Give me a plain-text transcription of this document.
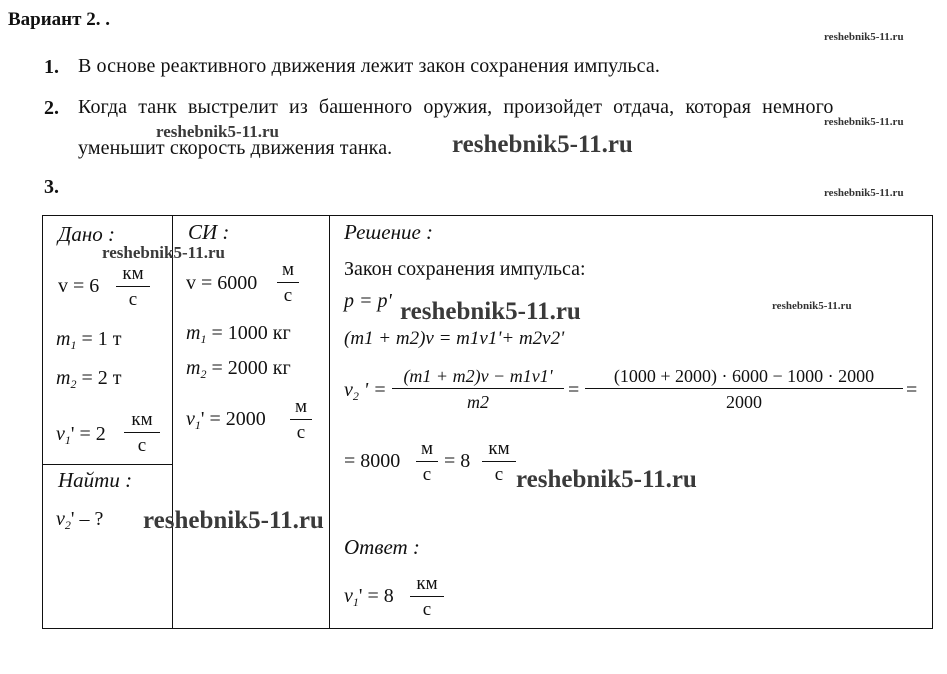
Вариант 2. .
reshebnik5-11.ru
1. В основе реактивного движения лежит закон сохранения импульса.
2. Когда танк выстрелит из башенного оружия, произойдет отдача, которая немного
reshebnik5-11.ru
reshebnik5-11.ru
уменьшит скорость движения танка. reshebnik5-11.ru
3.	reshebnik5-11.ru
Дано :
reshebnik5-11.ru
v = 6
км
с
$m_1 = 1$ т
$m_2 = 2$ т
$v_1' = 2$
км
с
Найти :
$v_2'$ – ? reshebnik5-11.ru
СИ :
v = 6000
м
с
$m_1 = 1000$ кг
$m_2 = 2000$ кг
$v_1' = 2000$
м
с
Решение :
Закон сохранения импульса:
p = p' reshebnik5-11.ru	reshebnik5-11.ru
(m1 + m2)v = m1v1'+ m2v2'
$v_2$ ' = $\frac{(m1 + m2)v - m1v1'}{m2} = \frac{(1000 + 2000) \cdot 6000 - 1000 \cdot 2000}{2000}$ =
= 8000
м
с
= 8
км
с reshebnik5-11.ru
Ответ :
$v_1' = 8$
км
с
